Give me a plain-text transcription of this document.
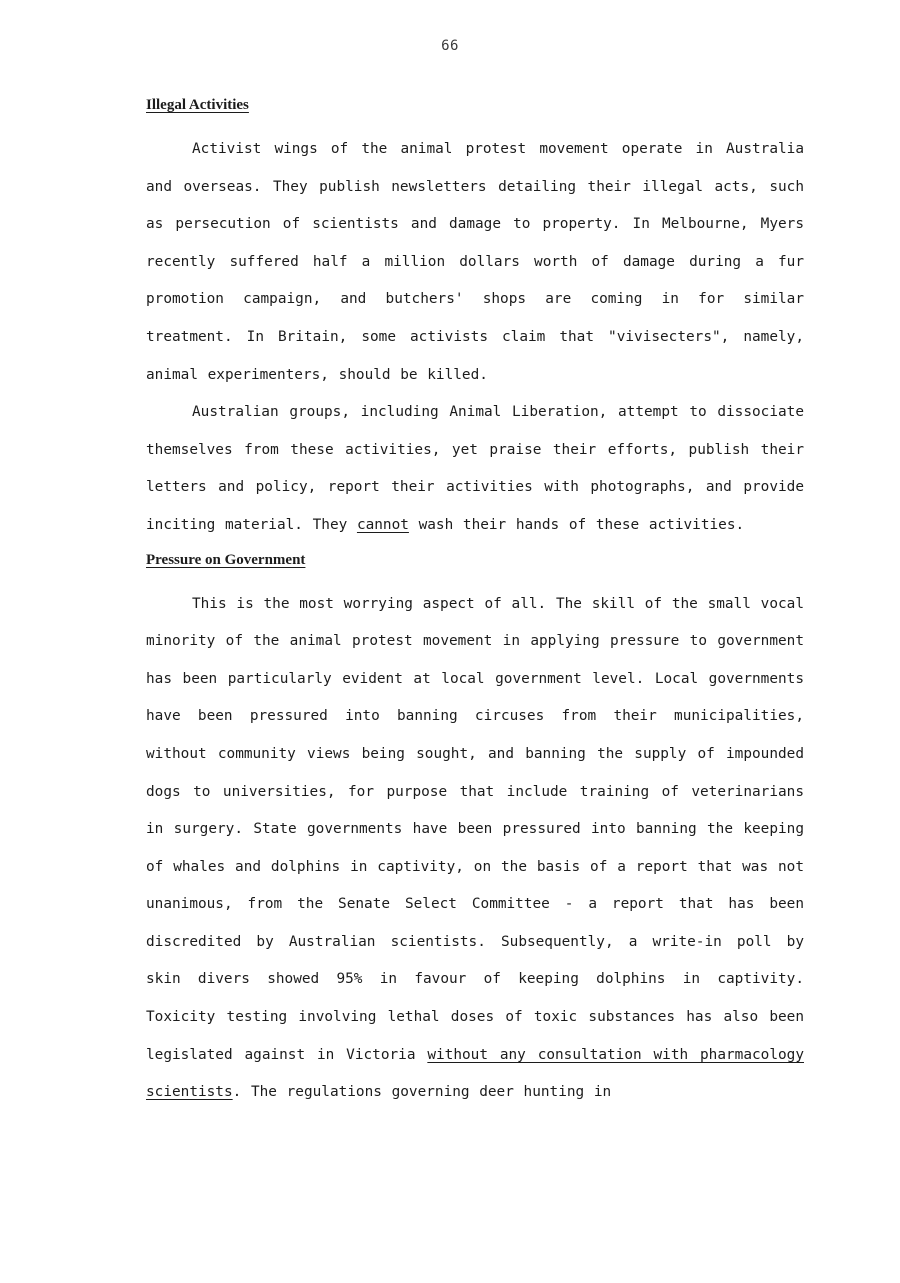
66
Illegal Activities

Activist wings of the animal protest movement operate in Australia and overseas. They publish newsletters detailing their illegal acts, such as persecution of scientists and damage to property. In Melbourne, Myers recently suffered half a million dollars worth of damage during a fur promotion campaign, and butchers' shops are coming in for similar treatment. In Britain, some activists claim that "vivisecters", namely, animal experimenters, should be killed.

Australian groups, including Animal Liberation, attempt to dissociate themselves from these activities, yet praise their efforts, publish their letters and policy, report their activities with photographs, and provide inciting material. They cannot wash their hands of these activities.

Pressure on Government

This is the most worrying aspect of all. The skill of the small vocal minority of the animal protest movement in applying pressure to government has been particularly evident at local government level. Local governments have been pressured into banning circuses from their municipalities, without community views being sought, and banning the supply of impounded dogs to universities, for purpose that include training of veterinarians in surgery. State governments have been pressured into banning the keeping of whales and dolphins in captivity, on the basis of a report that was not unanimous, from the Senate Select Committee - a report that has been discredited by Australian scientists. Subsequently, a write-in poll by skin divers showed 95% in favour of keeping dolphins in captivity. Toxicity testing involving lethal doses of toxic substances has also been legislated against in Victoria without any consultation with pharmacology scientists. The regulations governing deer hunting in
